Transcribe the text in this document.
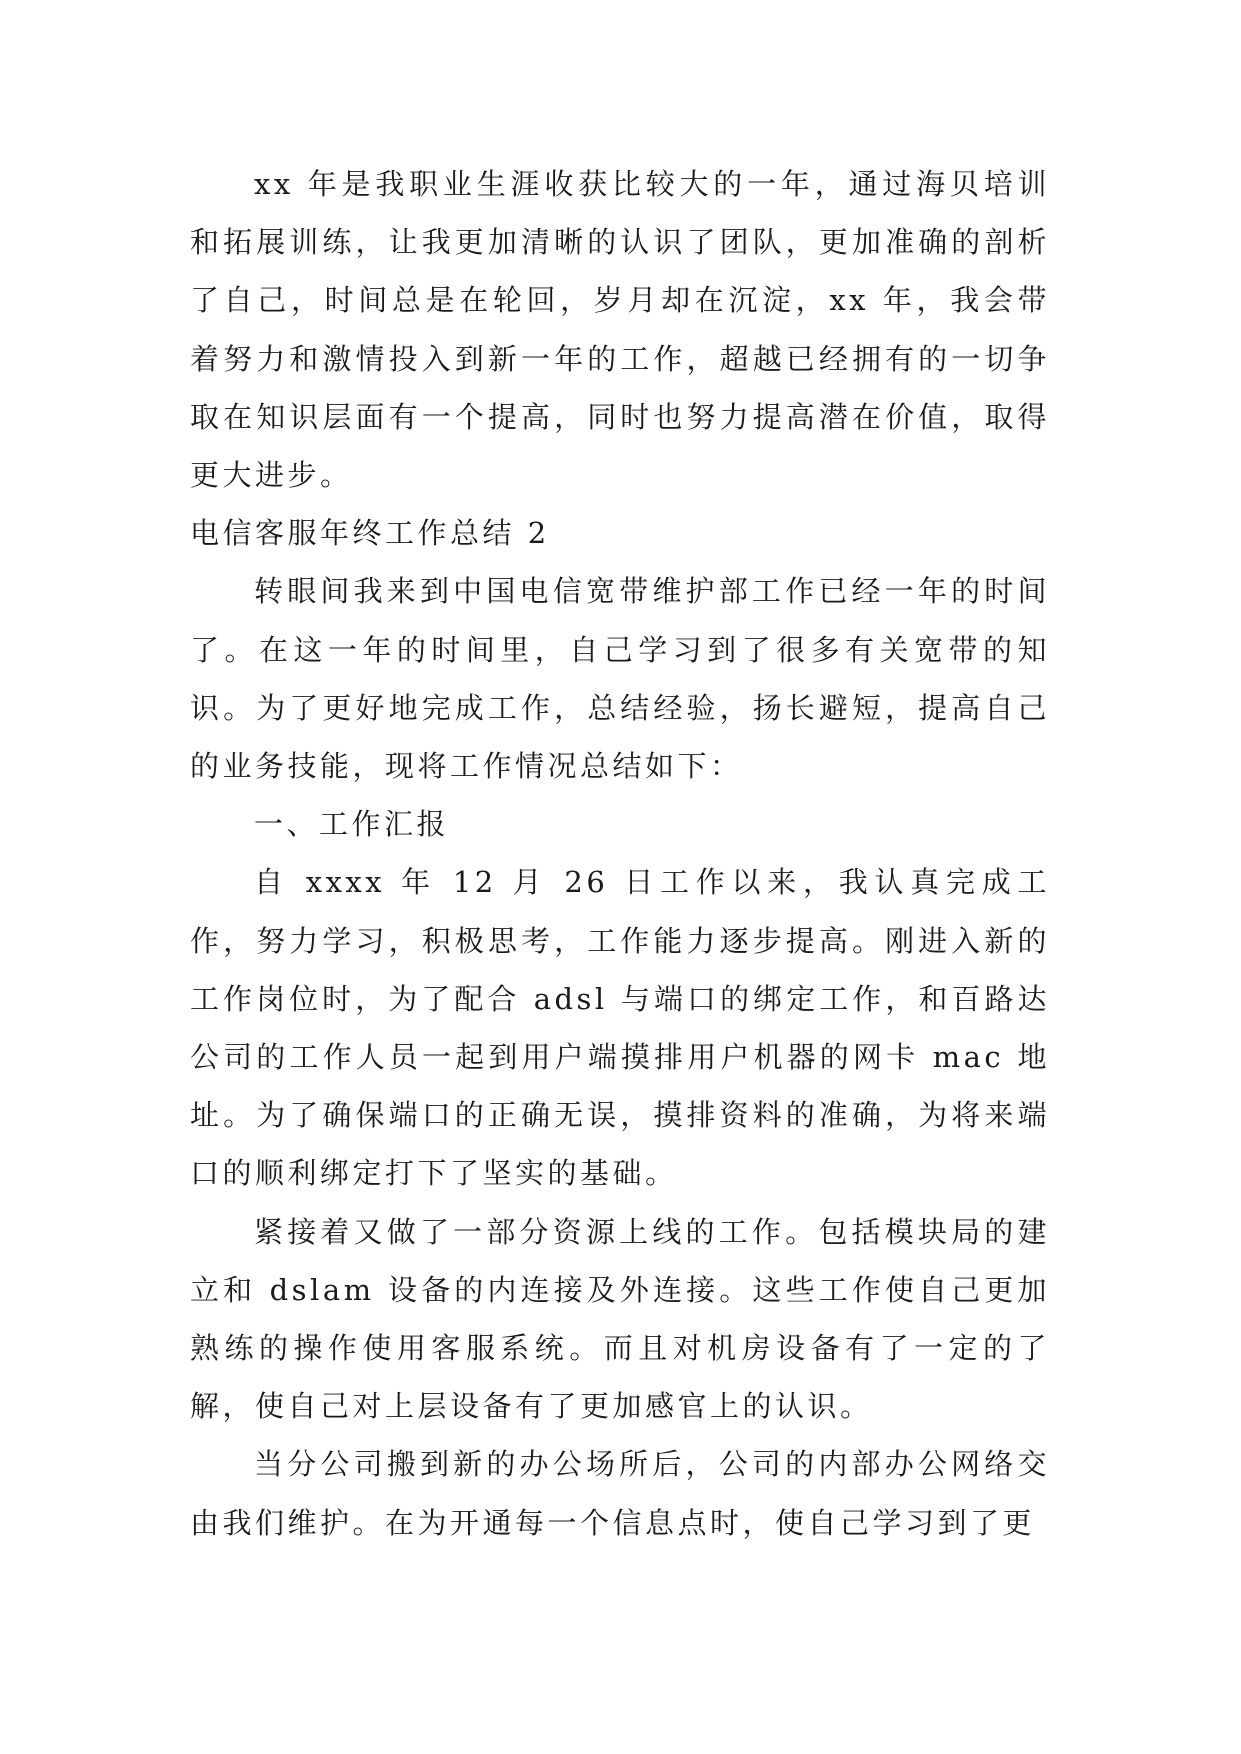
xx 年是我职业生涯收获比较大的一年，通过海贝培训和拓展训练，让我更加清晰的认识了团队，更加准确的剖析了自己，时间总是在轮回，岁月却在沉淀，xx 年，我会带着努力和激情投入到新一年的工作，超越已经拥有的一切争取在知识层面有一个提高，同时也努力提高潜在价值，取得更大进步。

电信客服年终工作总结 2

转眼间我来到中国电信宽带维护部工作已经一年的时间了。在这一年的时间里，自己学习到了很多有关宽带的知识。为了更好地完成工作，总结经验，扬长避短，提高自己的业务技能，现将工作情况总结如下：

一、工作汇报

自 xxxx 年 12 月 26 日工作以来，我认真完成工作，努力学习，积极思考，工作能力逐步提高。刚进入新的工作岗位时，为了配合 adsl 与端口的绑定工作，和百路达公司的工作人员一起到用户端摸排用户机器的网卡 mac 地址。为了确保端口的正确无误，摸排资料的准确，为将来端口的顺利绑定打下了坚实的基础。

紧接着又做了一部分资源上线的工作。包括模块局的建立和 dslam 设备的内连接及外连接。这些工作使自己更加熟练的操作使用客服系统。而且对机房设备有了一定的了解，使自己对上层设备有了更加感官上的认识。

当分公司搬到新的办公场所后，公司的内部办公网络交由我们维护。在为开通每一个信息点时，使自己学习到了更
